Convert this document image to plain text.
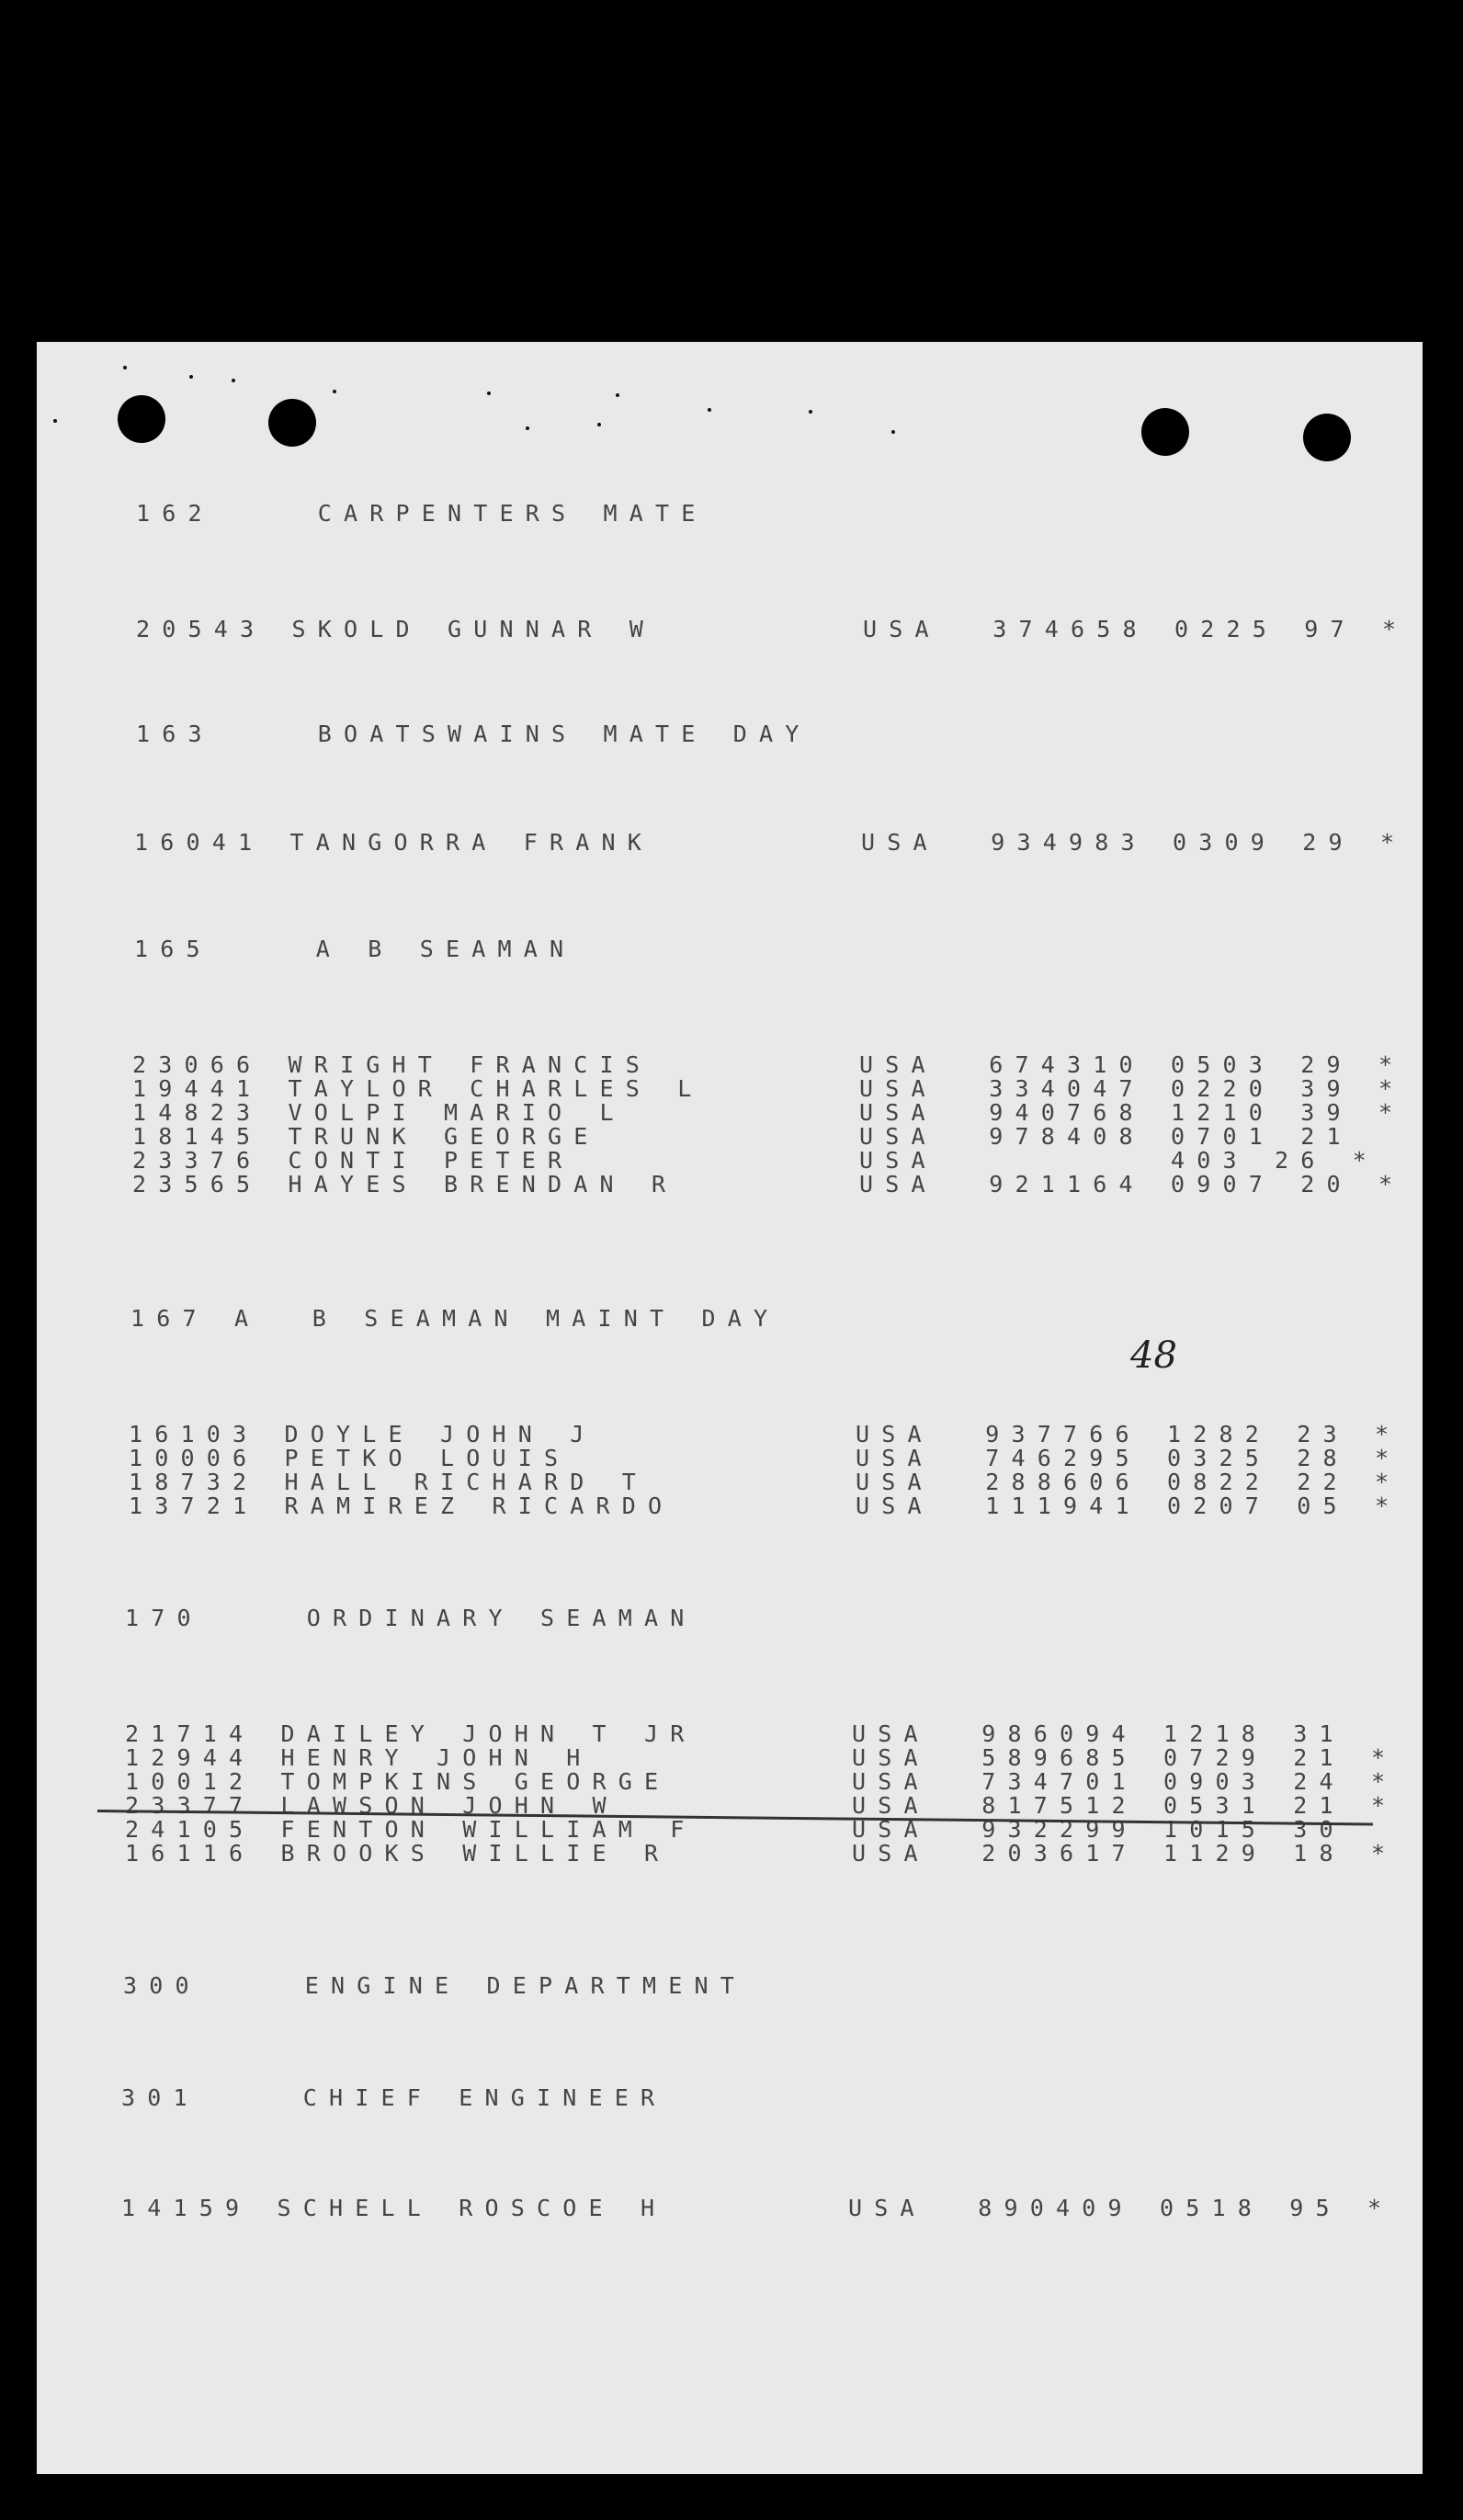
162    CARPENTERS MATE
20543 SKOLD GUNNAR W        USA  374658 0225 97 *
163    BOATSWAINS MATE DAY
16041 TANGORRA FRANK        USA  934983 0309 29 *
165    A B SEAMAN
23066 WRIGHT FRANCIS        USA  674310 0503 29 *
19441 TAYLOR CHARLES L      USA  334047 0220 39 *
14823 VOLPI MARIO L         USA  940768 1210 39 *
18145 TRUNK GEORGE          USA  978408 0701 21
23376 CONTI PETER           USA         403 26 *
23565 HAYES BRENDAN R       USA  921164 0907 20 *
167 A  B SEAMAN MAINT DAY
16103 DOYLE JOHN J          USA  937766 1282 23 *
10006 PETKO LOUIS           USA  746295 0325 28 *
18732 HALL RICHARD T        USA  288606 0822 22 *
13721 RAMIREZ RICARDO       USA  111941 0207 05 *
170    ORDINARY SEAMAN
21714 DAILEY JOHN T JR      USA  986094 1218 31
12944 HENRY JOHN H          USA  589685 0729 21 *
10012 TOMPKINS GEORGE       USA  734701 0903 24 *
23377 LAWSON JOHN W         USA  817512 0531 21 *
24105 FENTON WILLIAM F      USA  932299 1015 30
16116 BROOKS WILLIE R       USA  203617 1129 18 *
300    ENGINE DEPARTMENT
301    CHIEF ENGINEER
14159 SCHELL ROSCOE H       USA  890409 0518 95 *
48
